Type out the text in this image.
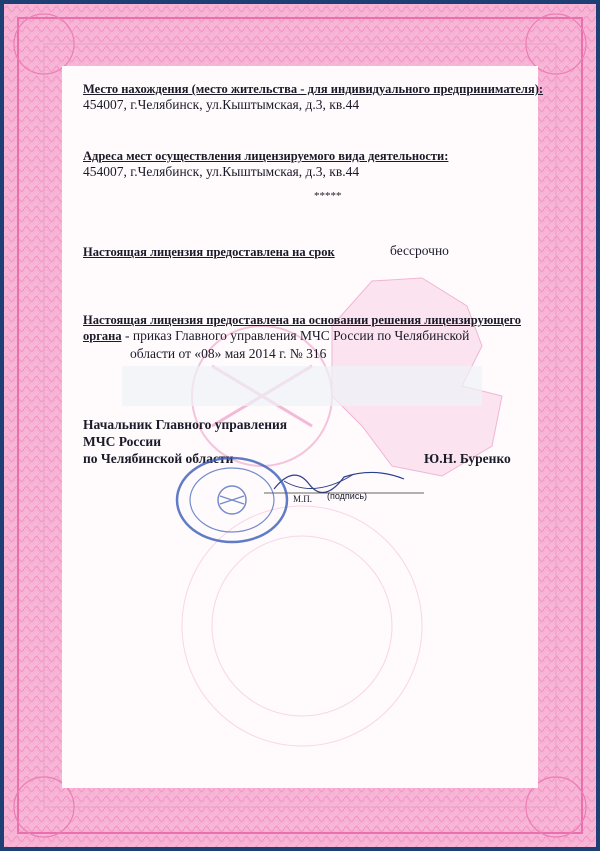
Место нахождения (место жительства - для индивидуального предпринимателя):
454007, г.Челябинск, ул.Кыштымская, д.3, кв.44
Адреса мест осуществления лицензируемого вида деятельности:
454007, г.Челябинск, ул.Кыштымская, д.3, кв.44
*****
Настоящая лицензия предоставлена на срок	бессрочно
Настоящая лицензия предоставлена на основании решения лицензирующего
органа - приказ Главного управления МЧС России по Челябинской
области от «08» мая 2014 г. № 316
Начальник Главного управления
МЧС России
по Челябинской области	Ю.Н. Буренко
М.П. (подпись)
